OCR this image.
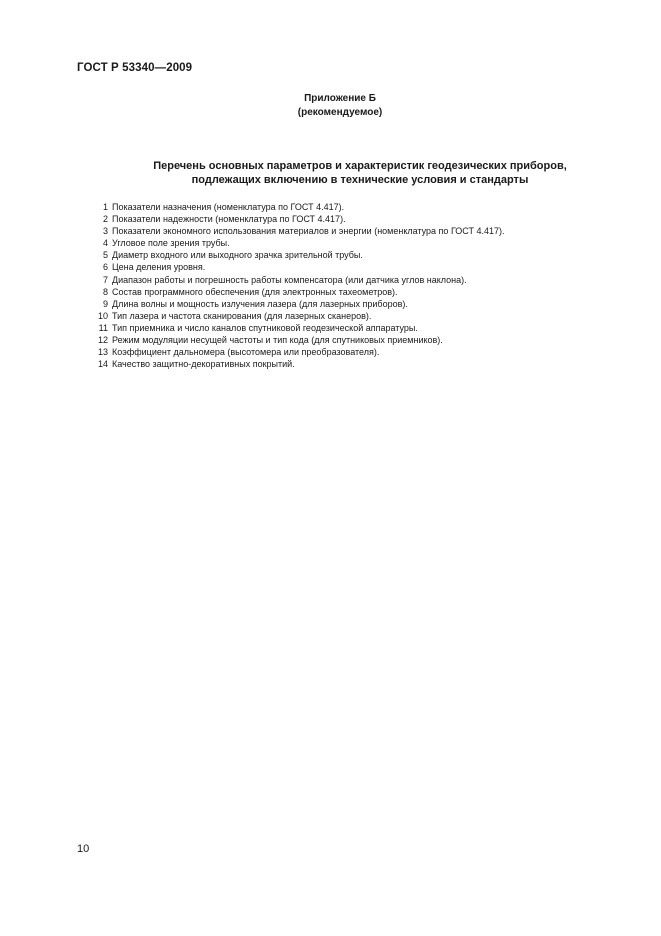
ГОСТ Р 53340—2009
Приложение Б
(рекомендуемое)
Перечень основных параметров и характеристик геодезических приборов,
подлежащих включению в технические условия и стандарты
1 Показатели назначения (номенклатура по ГОСТ 4.417).
2 Показатели надежности (номенклатура по ГОСТ 4.417).
3 Показатели экономного использования материалов и энергии (номенклатура по ГОСТ 4.417).
4 Угловое поле зрения трубы.
5 Диаметр входного или выходного зрачка зрительной трубы.
6 Цена деления уровня.
7 Диапазон работы и погрешность работы компенсатора (или датчика углов наклона).
8 Состав программного обеспечения (для электронных тахеометров).
9 Длина волны и мощность излучения лазера (для лазерных приборов).
10 Тип лазера и частота сканирования (для лазерных сканеров).
11 Тип приемника и число каналов спутниковой геодезической аппаратуры.
12 Режим модуляции несущей частоты и тип кода (для спутниковых приемников).
13 Коэффициент дальномера (высотомера или преобразователя).
14 Качество защитно-декоративных покрытий.
10
